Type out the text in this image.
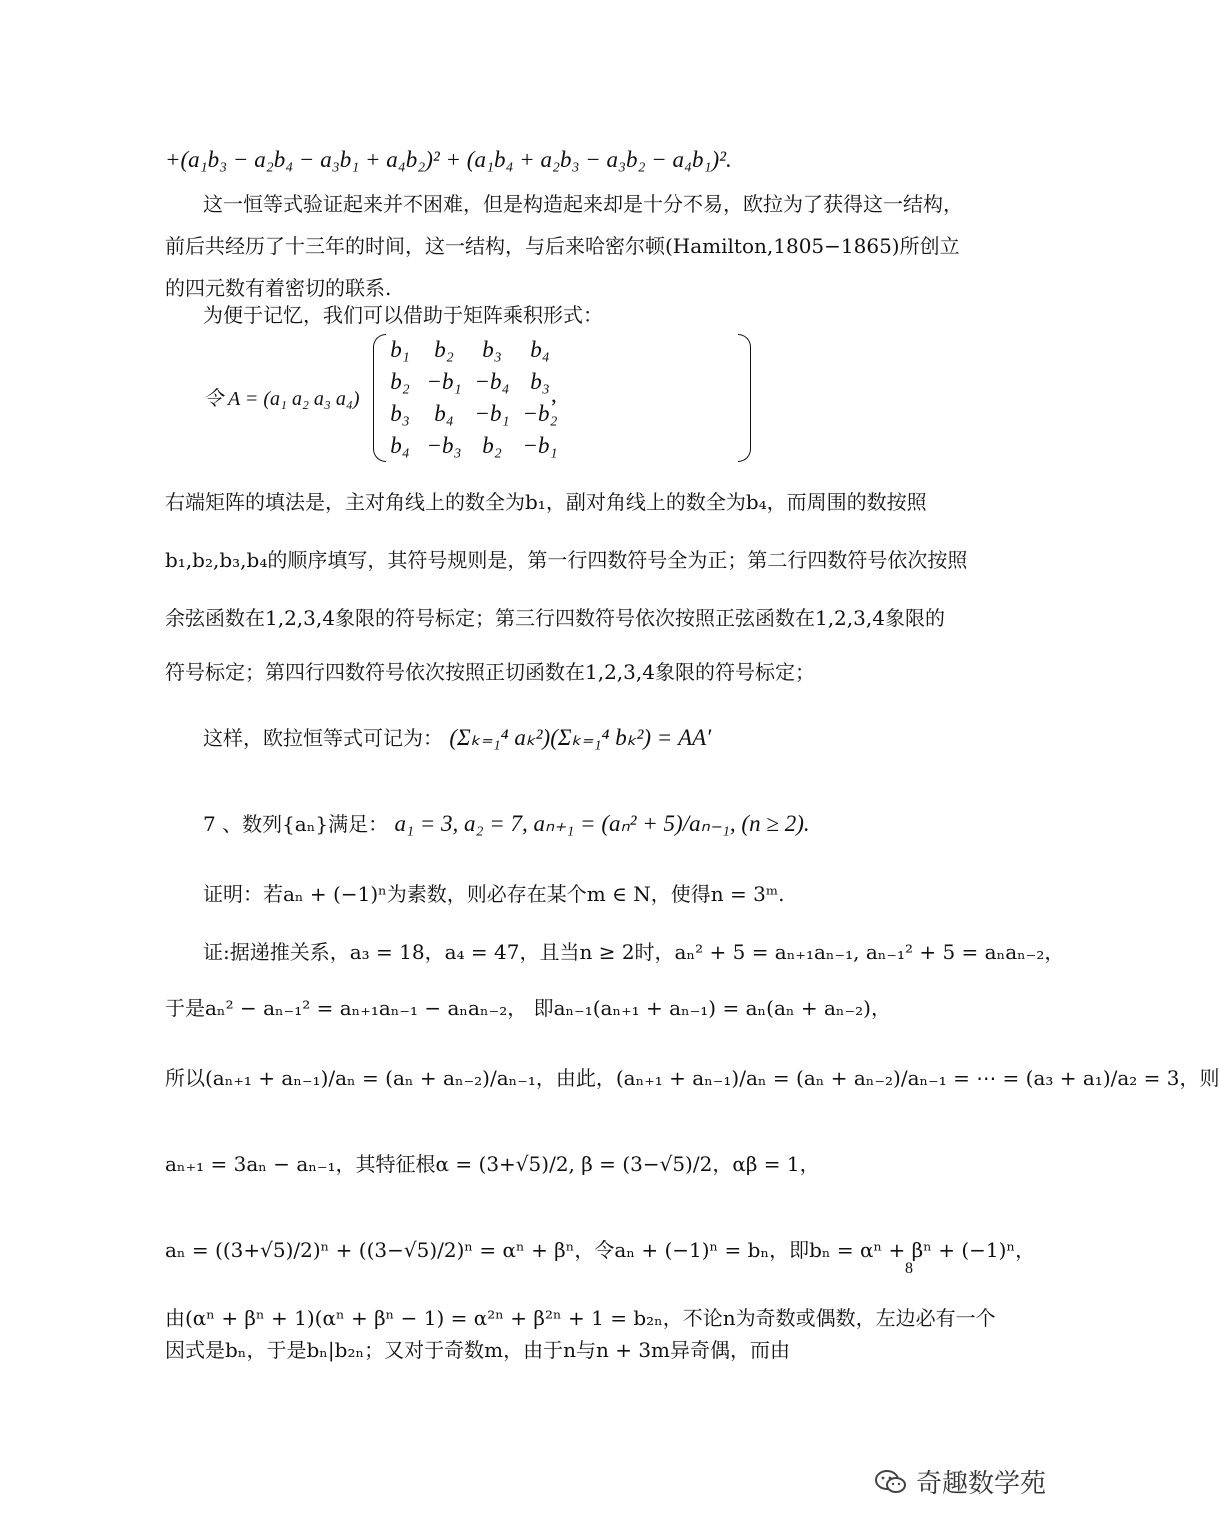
+(a₁b₃ − a₂b₄ − a₃b₁ + a₄b₂)² + (a₁b₄ + a₂b₃ − a₃b₂ − a₄b₁)².
这一恒等式验证起来并不困难，但是构造起来却是十分不易，欧拉为了获得这一结构，
前后共经历了十三年的时间，这一结构，与后来哈密尔顿(Hamilton,1805−1865)所创立
的四元数有着密切的联系.
为便于记忆，我们可以借助于矩阵乘积形式：
令 A = (a₁ a₂ a₃ a₄)
b₁	b₂	b₃	b₄
b₂ −b₁ −b₄ b₃
b₃	b₄ −b₁ −b₂
b₄ −b₃ b₂ −b₁
,
右端矩阵的填法是，主对角线上的数全为b₁，副对角线上的数全为b₄，而周围的数按照
b₁,b₂,b₃,b₄的顺序填写，其符号规则是，第一行四数符号全为正；第二行四数符号依次按照
余弦函数在1,2,3,4象限的符号标定；第三行四数符号依次按照正弦函数在1,2,3,4象限的
符号标定；第四行四数符号依次按照正切函数在1,2,3,4象限的符号标定；
这样，欧拉恒等式可记为： (Σₖ₌₁⁴ aₖ²)(Σₖ₌₁⁴ bₖ²) = AA′
7 、数列{aₙ}满足： a₁ = 3, a₂ = 7, aₙ₊₁ = (aₙ² + 5)/aₙ₋₁, (n ≥ 2).
证明：若aₙ + (−1)ⁿ为素数，则必存在某个m ∈ N，使得n = 3ᵐ.
证:据递推关系，a₃ = 18，a₄ = 47，且当n ≥ 2时，aₙ² + 5 = aₙ₊₁aₙ₋₁, aₙ₋₁² + 5 = aₙaₙ₋₂，
于是aₙ² − aₙ₋₁² = aₙ₊₁aₙ₋₁ − aₙaₙ₋₂， 即aₙ₋₁(aₙ₊₁ + aₙ₋₁) = aₙ(aₙ + aₙ₋₂)，
所以(aₙ₊₁ + aₙ₋₁)/aₙ = (aₙ + aₙ₋₂)/aₙ₋₁，由此，(aₙ₊₁ + aₙ₋₁)/aₙ = (aₙ + aₙ₋₂)/aₙ₋₁ = ⋯ = (a₃ + a₁)/a₂ = 3，则
aₙ₊₁ = 3aₙ − aₙ₋₁，其特征根α = (3+√5)/2, β = (3−√5)/2，αβ = 1，
aₙ = ((3+√5)/2)ⁿ + ((3−√5)/2)ⁿ = αⁿ + βⁿ，令aₙ + (−1)ⁿ = bₙ，即bₙ = αⁿ + βⁿ + (−1)ⁿ，
由(αⁿ + βⁿ + 1)(αⁿ + βⁿ − 1) = α²ⁿ + β²ⁿ + 1 = b₂ₙ，不论n为奇数或偶数，左边必有一个
因式是bₙ，于是bₙ|b₂ₙ；又对于奇数m，由于n与n + 3m异奇偶，而由
8
奇趣数学苑
